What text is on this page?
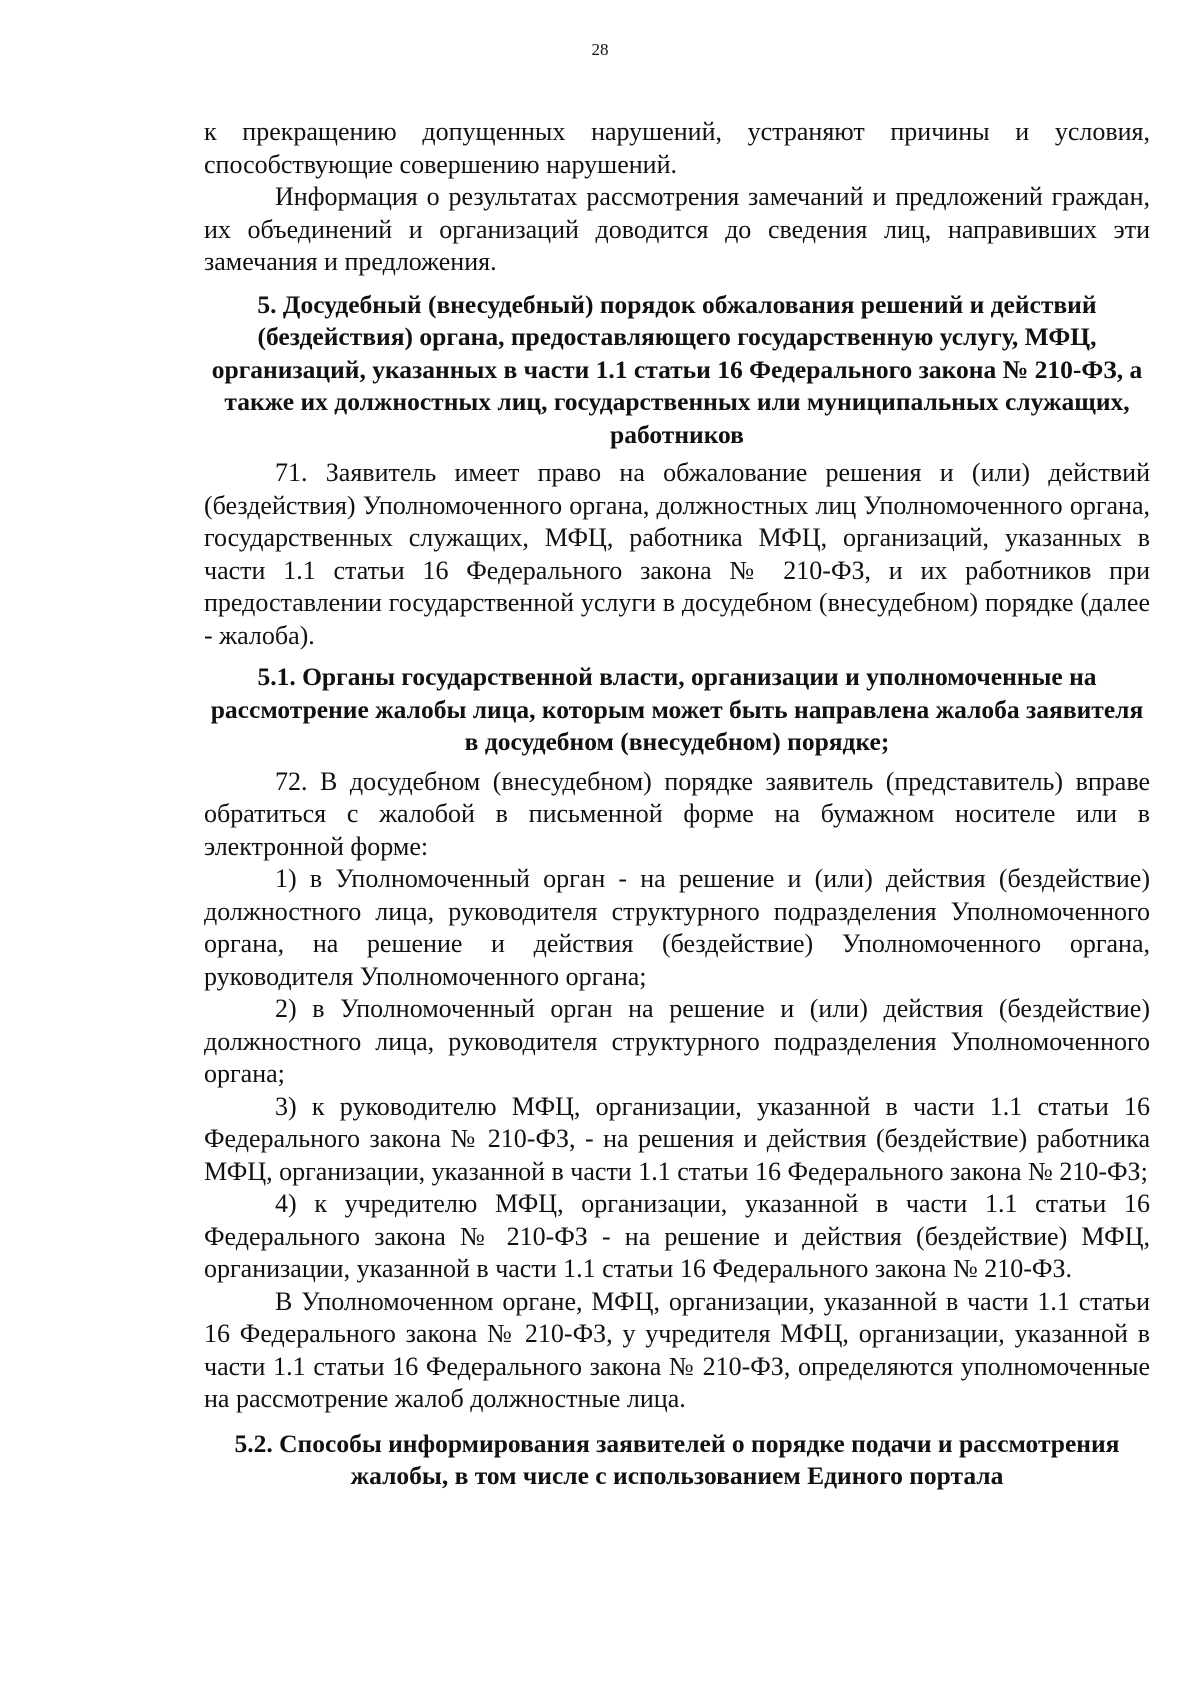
28

к прекращению допущенных нарушений, устраняют причины и условия, способствующие совершению нарушений.

Информация о результатах рассмотрения замечаний и предложений граждан, их объединений и организаций доводится до сведения лиц, направивших эти замечания и предложения.

5. Досудебный (внесудебный) порядок обжалования решений и действий (бездействия) органа, предоставляющего государственную услугу, МФЦ, организаций, указанных в части 1.1 статьи 16 Федерального закона № 210-ФЗ, а также их должностных лиц, государственных или муниципальных служащих, работников

71. Заявитель имеет право на обжалование решения и (или) действий (бездействия) Уполномоченного органа, должностных лиц Уполномоченного органа, государственных служащих, МФЦ, работника МФЦ, организаций, указанных в части 1.1 статьи 16 Федерального закона № 210-ФЗ, и их работников при предоставлении государственной услуги в досудебном (внесудебном) порядке (далее - жалоба).

5.1. Органы государственной власти, организации и уполномоченные на рассмотрение жалобы лица, которым может быть направлена жалоба заявителя в досудебном (внесудебном) порядке;

72. В досудебном (внесудебном) порядке заявитель (представитель) вправе обратиться с жалобой в письменной форме на бумажном носителе или в электронной форме:

1) в Уполномоченный орган - на решение и (или) действия (бездействие) должностного лица, руководителя структурного подразделения Уполномоченного органа, на решение и действия (бездействие) Уполномоченного органа, руководителя Уполномоченного органа;

2) в Уполномоченный орган на решение и (или) действия (бездействие) должностного лица, руководителя структурного подразделения Уполномоченного органа;

3) к руководителю МФЦ, организации, указанной в части 1.1 статьи 16 Федерального закона № 210-ФЗ, - на решения и действия (бездействие) работника МФЦ, организации, указанной в части 1.1 статьи 16 Федерального закона № 210-ФЗ;

4) к учредителю МФЦ, организации, указанной в части 1.1 статьи 16 Федерального закона № 210-ФЗ - на решение и действия (бездействие) МФЦ, организации, указанной в части 1.1 статьи 16 Федерального закона № 210-ФЗ.

В Уполномоченном органе, МФЦ, организации, указанной в части 1.1 статьи 16 Федерального закона № 210-ФЗ, у учредителя МФЦ, организации, указанной в части 1.1 статьи 16 Федерального закона № 210-ФЗ, определяются уполномоченные на рассмотрение жалоб должностные лица.

5.2. Способы информирования заявителей о порядке подачи и рассмотрения жалобы, в том числе с использованием Единого портала
